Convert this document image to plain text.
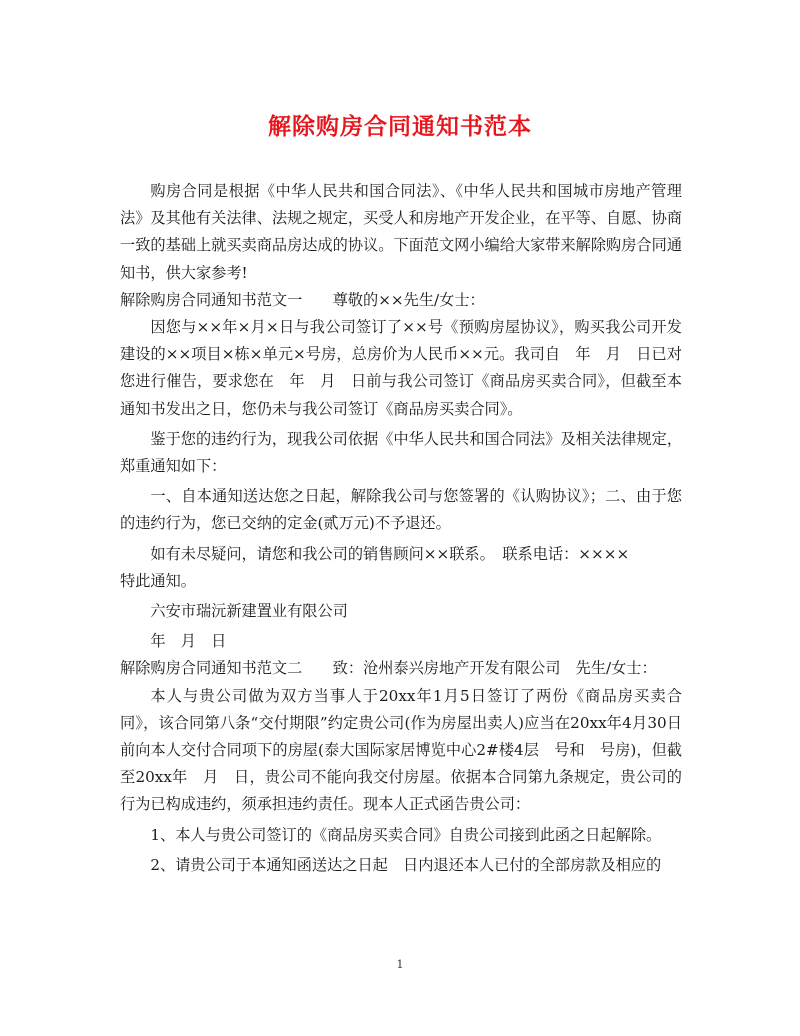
解除购房合同通知书范本

购房合同是根据《中华人民共和国合同法》、《中华人民共和国城市房地产管理法》及其他有关法律、法规之规定，买受人和房地产开发企业，在平等、自愿、协商一致的基础上就买卖商品房达成的协议。下面范文网小编给大家带来解除购房合同通知书，供大家参考!

解除购房合同通知书范文一　　尊敬的××先生/女士：

因您与××年×月×日与我公司签订了××号《预购房屋协议》，购买我公司开发建设的××项目×栋×单元×号房，总房价为人民币××元。我司自　年　月　日已对您进行催告，要求您在　年　月　日前与我公司签订《商品房买卖合同》，但截至本通知书发出之日，您仍未与我公司签订《商品房买卖合同》。

鉴于您的违约行为，现我公司依据《中华人民共和国合同法》及相关法律规定，郑重通知如下：

一、自本通知送达您之日起，解除我公司与您签署的《认购协议》；二、由于您的违约行为，您已交纳的定金(贰万元)不予退还。

如有未尽疑问，请您和我公司的销售顾问××联系。　联系电话：××××

特此通知。

六安市瑞沅新建置业有限公司

年　月　日

解除购房合同通知书范文二　　致：沧州泰兴房地产开发有限公司　先生/女士：

本人与贵公司做为双方当事人于20xx年1月5日签订了两份《商品房买卖合同》，该合同第八条“交付期限”约定贵公司(作为房屋出卖人)应当在20xx年4月30日前向本人交付合同项下的房屋(泰大国际家居博览中心2#楼4层　号和　号房)，但截至20xx年　月　日，贵公司不能向我交付房屋。依据本合同第九条规定，贵公司的行为已构成违约，须承担违约责任。现本人正式函告贵公司：

1、本人与贵公司签订的《商品房买卖合同》自贵公司接到此函之日起解除。

2、请贵公司于本通知函送达之日起　日内退还本人已付的全部房款及相应的

1
